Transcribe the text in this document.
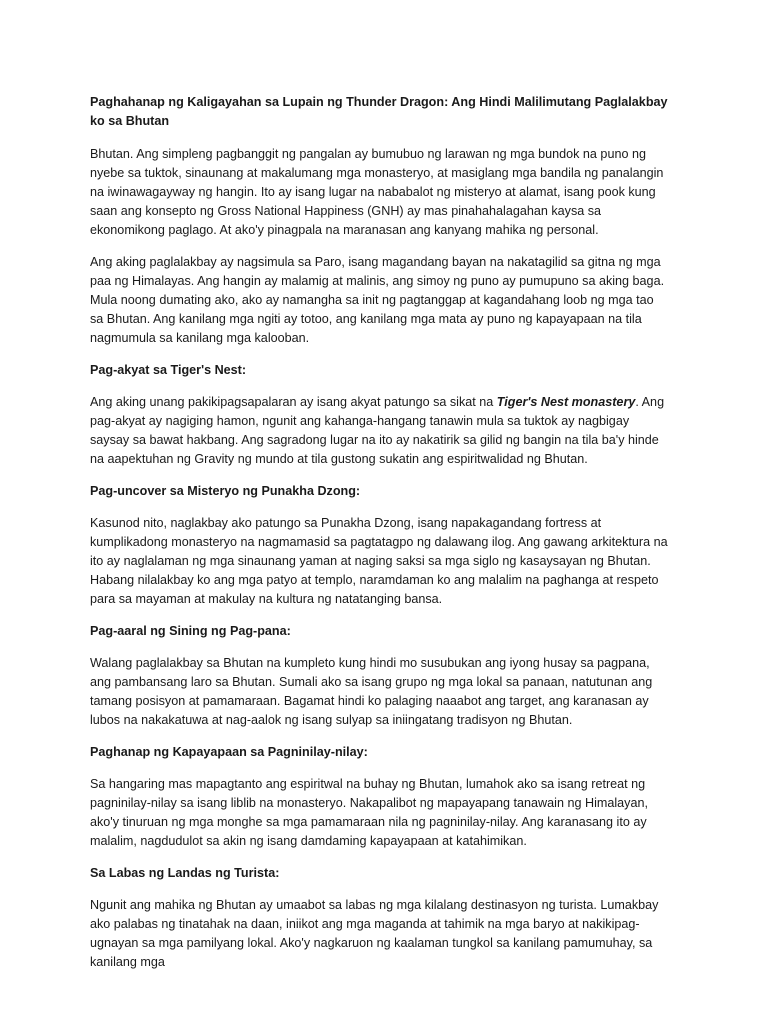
Paghahanap ng Kaligayahan sa Lupain ng Thunder Dragon: Ang Hindi Malilimutang Paglalakbay ko sa Bhutan

Bhutan. Ang simpleng pagbanggit ng pangalan ay bumubuo ng larawan ng mga bundok na puno ng nyebe sa tuktok, sinaunang at makalumang mga monasteryo, at masiglang mga bandila ng panalangin na iwinawagayway ng hangin. Ito ay isang lugar na nababalot ng misteryo at alamat, isang pook kung saan ang konsepto ng Gross National Happiness (GNH) ay mas pinahahalagahan kaysa sa ekonomikong paglago. At ako'y pinagpala na maranasan ang kanyang mahika ng personal.

Ang aking paglalakbay ay nagsimula sa Paro, isang magandang bayan na nakatagilid sa gitna ng mga paa ng Himalayas. Ang hangin ay malamig at malinis, ang simoy ng puno ay pumupuno sa aking baga. Mula noong dumating ako, ako ay namangha sa init ng pagtanggap at kagandahang loob ng mga tao sa Bhutan. Ang kanilang mga ngiti ay totoo, ang kanilang mga mata ay puno ng kapayapaan na tila nagmumula sa kanilang mga kalooban.

Pag-akyat sa Tiger's Nest:

Ang aking unang pakikipagsapalaran ay isang akyat patungo sa sikat na Tiger's Nest monastery. Ang pag-akyat ay nagiging hamon, ngunit ang kahanga-hangang tanawin mula sa tuktok ay nagbigay saysay sa bawat hakbang. Ang sagradong lugar na ito ay nakatirik sa gilid ng bangin na tila ba'y hinde na aapektuhan ng Gravity ng mundo at tila gustong sukatin ang espiritwalidad ng Bhutan.

Pag-uncover sa Misteryo ng Punakha Dzong:

Kasunod nito, naglakbay ako patungo sa Punakha Dzong, isang napakagandang fortress at kumplikadong monasteryo na nagmamasid sa pagtatagpo ng dalawang ilog. Ang gawang arkitektura na ito ay naglalaman ng mga sinaunang yaman at naging saksi sa mga siglo ng kasaysayan ng Bhutan. Habang nilalakbay ko ang mga patyo at templo, naramdaman ko ang malalim na paghanga at respeto para sa mayaman at makulay na kultura ng natatanging bansa.

Pag-aaral ng Sining ng Pag-pana:

Walang paglalakbay sa Bhutan na kumpleto kung hindi mo susubukan ang iyong husay sa pagpana, ang pambansang laro sa Bhutan. Sumali ako sa isang grupo ng mga lokal sa panaan, natutunan ang tamang posisyon at pamamaraan. Bagamat hindi ko palaging naaabot ang target, ang karanasan ay lubos na nakakatuwa at nag-aalok ng isang sulyap sa iniingatang tradisyon ng Bhutan.

Paghanap ng Kapayapaan sa Pagninilay-nilay:

Sa hangaring mas mapagtanto ang espiritwal na buhay ng Bhutan, lumahok ako sa isang retreat ng pagninilay-nilay sa isang liblib na monasteryo. Nakapalibot ng mapayapang tanawain ng Himalayan, ako'y tinuruan ng mga monghe sa mga pamamaraan nila ng pagninilay-nilay. Ang karanasang ito ay malalim, nagdudulot sa akin ng isang damdaming kapayapaan at katahimikan.

Sa Labas ng Landas ng Turista:

Ngunit ang mahika ng Bhutan ay umaabot sa labas ng mga kilalang destinasyon ng turista. Lumakbay ako palabas ng tinatahak na daan, iniikot ang mga maganda at tahimik na mga baryo at nakikipag-ugnayan sa mga pamilyang lokal. Ako'y nagkaruon ng kaalaman tungkol sa kanilang pamumuhay, sa kanilang mga
